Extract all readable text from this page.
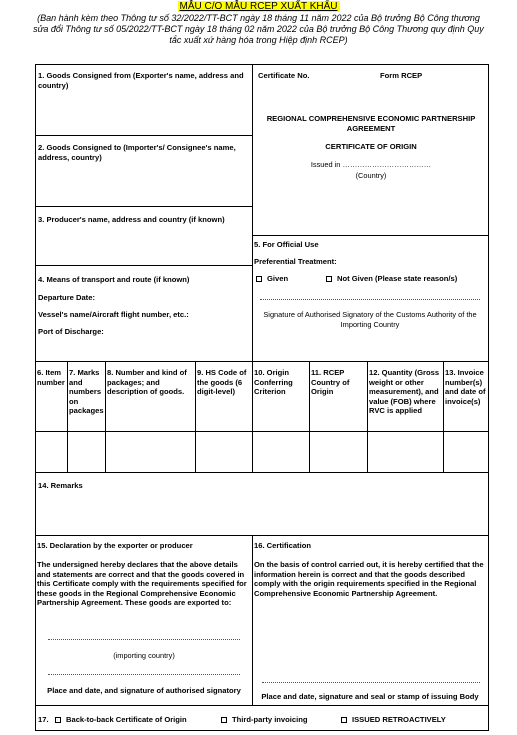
MẪU C/O MẪU RCEP XUẤT KHẨU
(Ban hành kèm theo Thông tư số 32/2022/TT-BCT ngày 18 tháng 11 năm 2022 của Bộ trưởng Bộ Công thương sửa đổi Thông tư số 05/2022/TT-BCT ngày 18 tháng 02 năm 2022 của Bộ trưởng Bộ Công Thương quy định Quy tắc xuất xứ hàng hóa trong Hiệp định RCEP)
1. Goods Consigned from (Exporter's name, address and country)
2. Goods Consigned to (Importer's/ Consignee's name, address, country)
3. Producer's name, address and country (if known)
4. Means of transport and route (if known)
Departure Date:
Vessel's name/Aircraft flight number, etc.:
Port of Discharge:
Certificate No.	Form RCEP
REGIONAL COMPREHENSIVE ECONOMIC PARTNERSHIP AGREEMENT
CERTIFICATE OF ORIGIN
Issued in ………………………………
(Country)
5. For Official Use
Preferential Treatment:
Given	Not Given (Please state reason/s)
Signature of Authorised Signatory of the Customs Authority of the Importing Country
6. Item number
7. Marks and numbers on packages
8. Number and kind of packages; and description of goods.
9. HS Code of the goods (6 digit-level)
10. Origin Conferring Criterion
11. RCEP Country of Origin
12. Quantity (Gross weight or other measurement), and value (FOB) where RVC is applied
13. Invoice number(s) and date of invoice(s)
14. Remarks
15. Declaration by the exporter or producer
The undersigned hereby declares that the above details and statements are correct and that the goods covered in this Certificate comply with the requirements specified for these goods in the Regional Comprehensive Economic Partnership Agreement. These goods are exported to:
(importing country)
Place and date, and signature of authorised signatory
16. Certification
On the basis of control carried out, it is hereby certified that the information herein is correct and that the goods described comply with the origin requirements specified in the Regional Comprehensive Economic Partnership Agreement.
Place and date, signature and seal or stamp of issuing Body
17.	Back-to-back Certificate of Origin	Third-party invoicing	ISSUED RETROACTIVELY
